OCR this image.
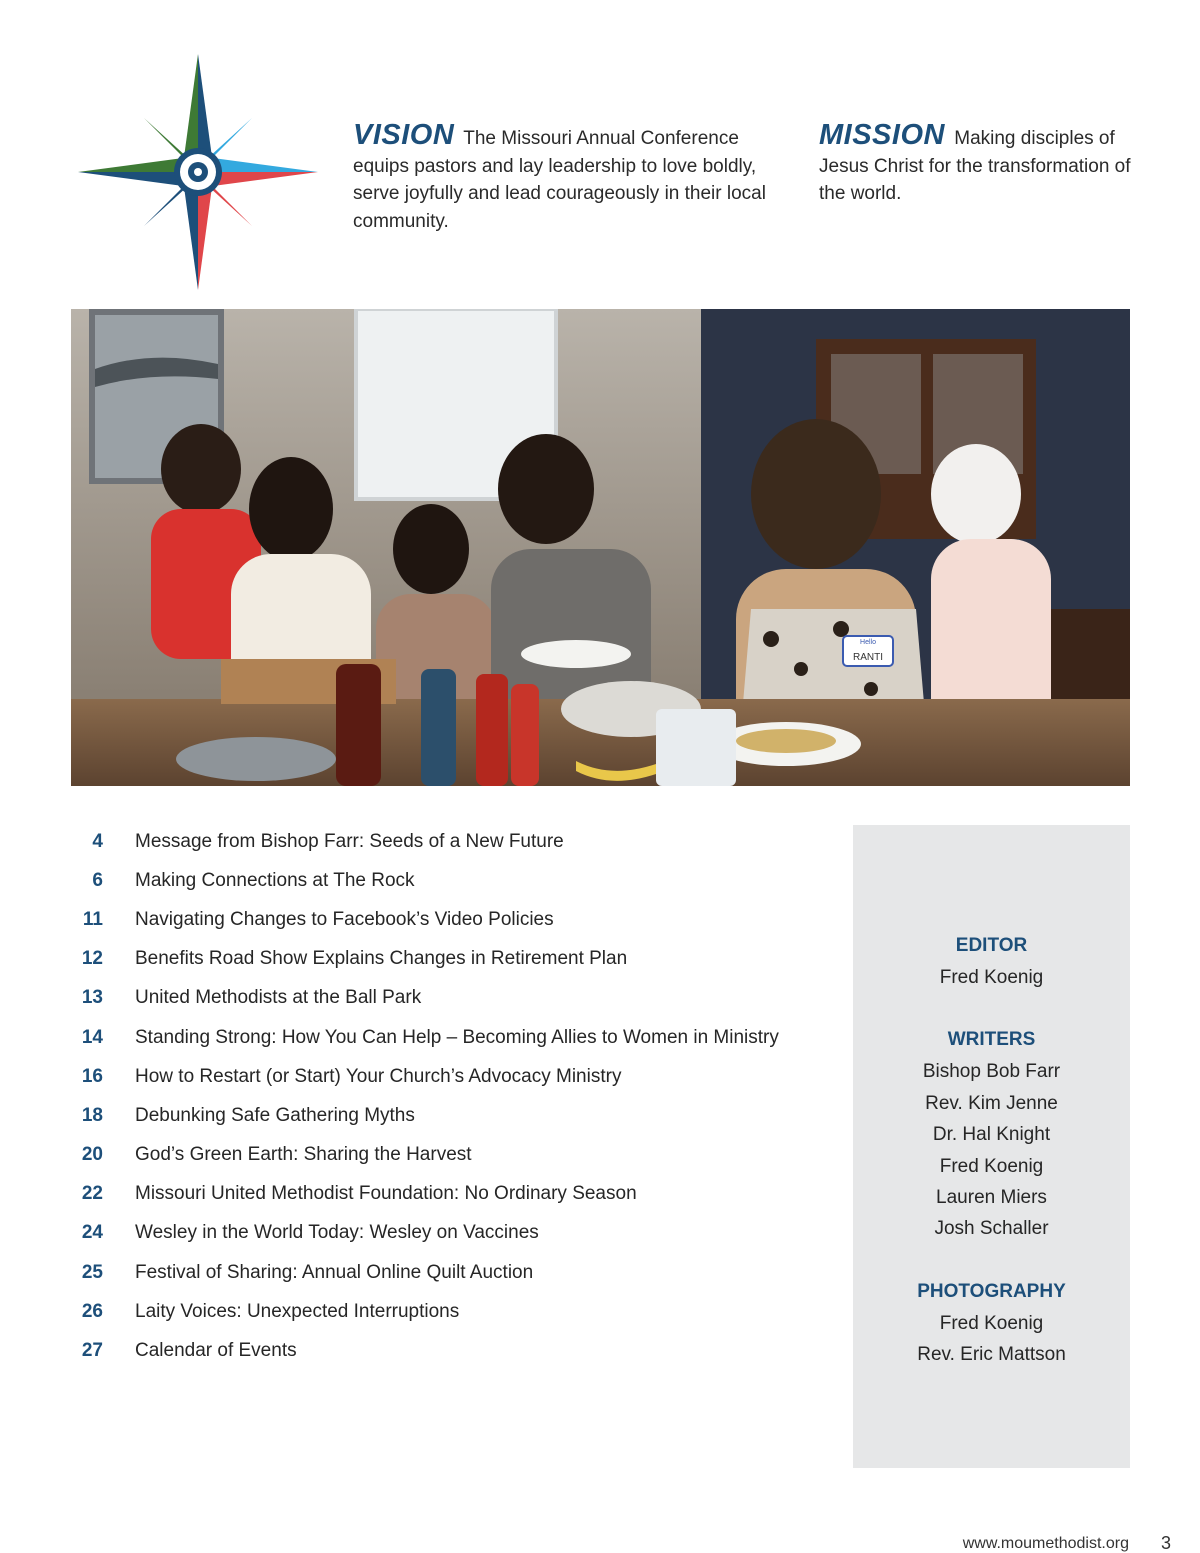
VISION The Missouri Annual Conference equips pastors and lay leadership to love boldly, serve joyfully and lead courageously in their local community.
MISSION Making disciples of Jesus Christ for the transformation of the world.
Hello
RANTI
4 Message from Bishop Farr: Seeds of a New Future
6 Making Connections at The Rock
11 Navigating Changes to Facebook’s Video Policies
12 Benefits Road Show Explains Changes in Retirement Plan
13 United Methodists at the Ball Park
14 Standing Strong: How You Can Help – Becoming Allies to Women in Ministry
16 How to Restart (or Start) Your Church’s Advocacy Ministry
18 Debunking Safe Gathering Myths
20 God’s Green Earth: Sharing the Harvest
22 Missouri United Methodist Foundation: No Ordinary Season
24 Wesley in the World Today: Wesley on Vaccines
25 Festival of Sharing: Annual Online Quilt Auction
26 Laity Voices: Unexpected Interruptions
27 Calendar of Events
EDITOR
Fred Koenig
WRITERS
Bishop Bob Farr
Rev. Kim Jenne
Dr. Hal Knight
Fred Koenig
Lauren Miers
Josh Schaller
PHOTOGRAPHY
Fred Koenig
Rev. Eric Mattson
www.moumethodist.org 3
